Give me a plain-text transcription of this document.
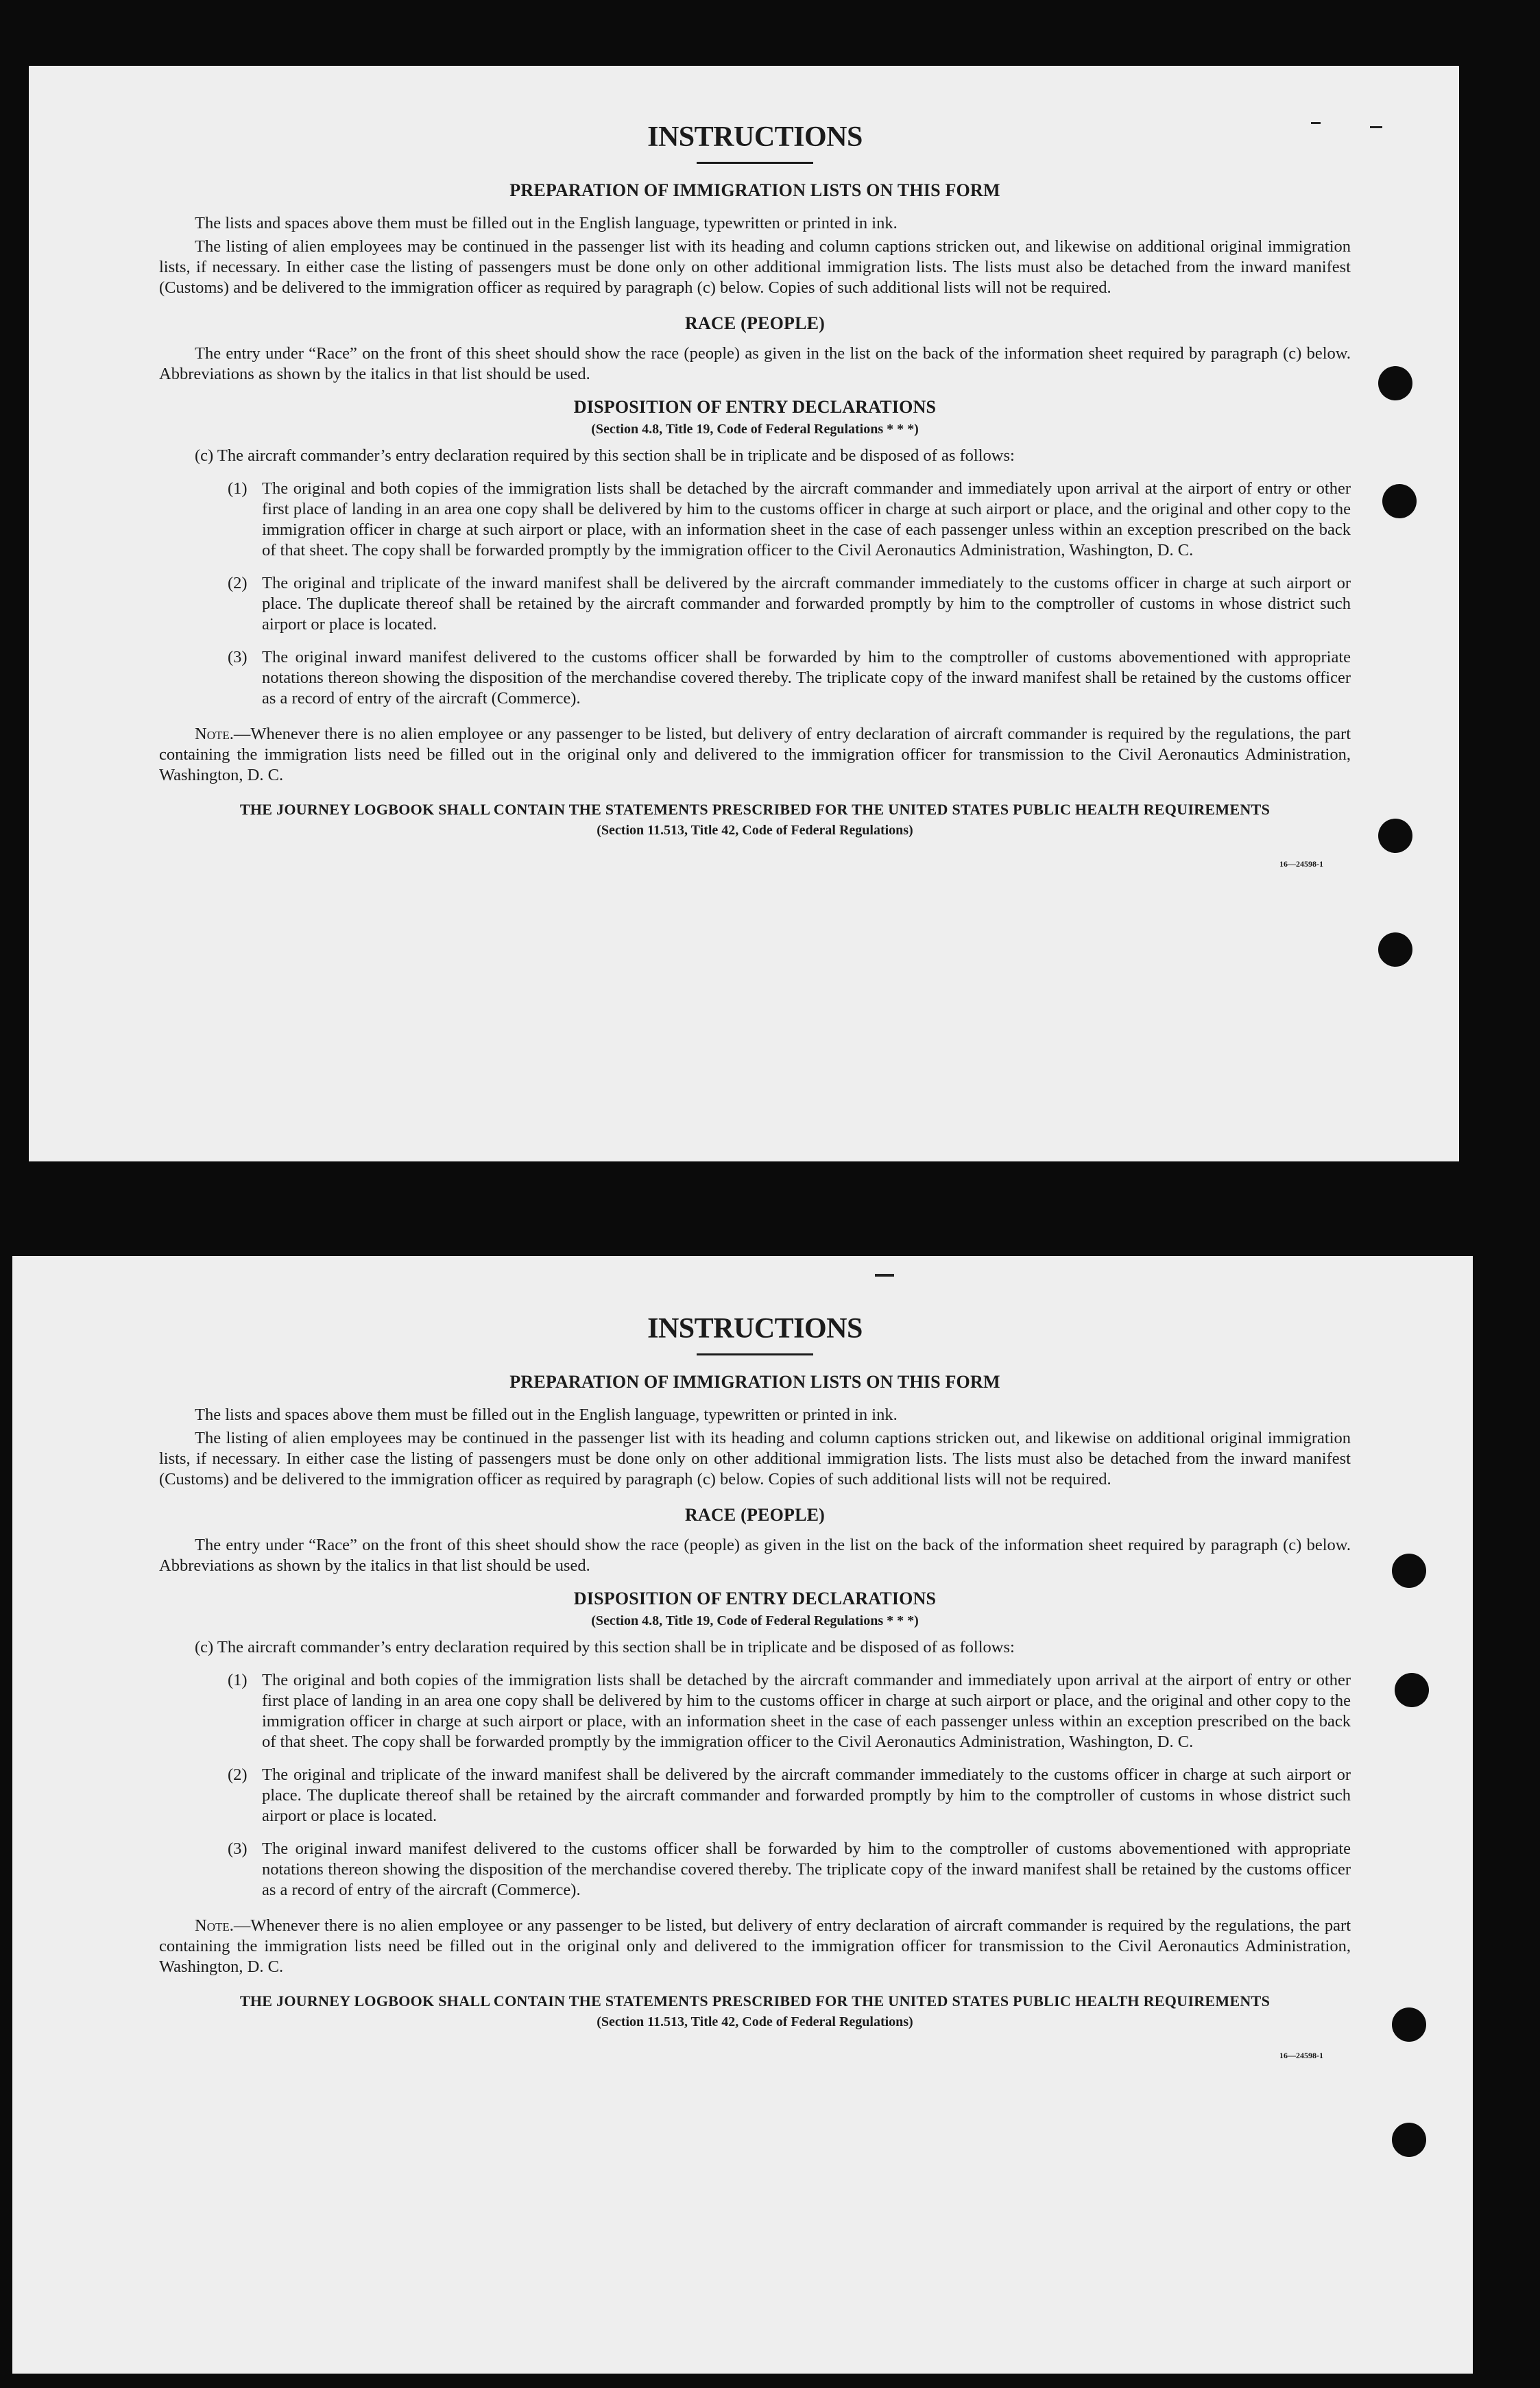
INSTRUCTIONS
PREPARATION OF IMMIGRATION LISTS ON THIS FORM

The lists and spaces above them must be filled out in the English language, typewritten or printed in ink.

The listing of alien employees may be continued in the passenger list with its heading and column captions stricken out, and likewise on additional original immigration lists, if necessary. In either case the listing of passengers must be done only on other additional immigration lists. The lists must also be detached from the inward manifest (Customs) and be delivered to the immigration officer as required by paragraph (c) below. Copies of such additional lists will not be required.

RACE (PEOPLE)

The entry under “Race” on the front of this sheet should show the race (people) as given in the list on the back of the information sheet required by paragraph (c) below. Abbreviations as shown by the italics in that list should be used.

DISPOSITION OF ENTRY DECLARATIONS

(Section 4.8, Title 19, Code of Federal Regulations * * *)

(c) The aircraft commander’s entry declaration required by this section shall be in triplicate and be disposed of as follows:

(1) The original and both copies of the immigration lists shall be detached by the aircraft commander and immediately upon arrival at the airport of entry or other first place of landing in an area one copy shall be delivered by him to the customs officer in charge at such airport or place, and the original and other copy to the immigration officer in charge at such airport or place, with an information sheet in the case of each passenger unless within an exception prescribed on the back of that sheet. The copy shall be forwarded promptly by the immigration officer to the Civil Aeronautics Administration, Washington, D. C.
(2) The original and triplicate of the inward manifest shall be delivered by the aircraft commander immediately to the customs officer in charge at such airport or place. The duplicate thereof shall be retained by the aircraft commander and forwarded promptly by him to the comptroller of customs in whose district such airport or place is located.
(3) The original inward manifest delivered to the customs officer shall be forwarded by him to the comptroller of customs abovementioned with appropriate notations thereon showing the disposition of the merchandise covered thereby. The triplicate copy of the inward manifest shall be retained by the customs officer as a record of entry of the aircraft (Commerce).

Note.—Whenever there is no alien employee or any passenger to be listed, but delivery of entry declaration of aircraft commander is required by the regulations, the part containing the immigration lists need be filled out in the original only and delivered to the immigration officer for transmission to the Civil Aeronautics Administration, Washington, D. C.

THE JOURNEY LOGBOOK SHALL CONTAIN THE STATEMENTS PRESCRIBED FOR THE UNITED STATES PUBLIC HEALTH REQUIREMENTS

(Section 11.513, Title 42, Code of Federal Regulations)

16—24598-1
INSTRUCTIONS
PREPARATION OF IMMIGRATION LISTS ON THIS FORM

The lists and spaces above them must be filled out in the English language, typewritten or printed in ink.

The listing of alien employees may be continued in the passenger list with its heading and column captions stricken out, and likewise on additional original immigration lists, if necessary. In either case the listing of passengers must be done only on other additional immigration lists. The lists must also be detached from the inward manifest (Customs) and be delivered to the immigration officer as required by paragraph (c) below. Copies of such additional lists will not be required.

RACE (PEOPLE)

The entry under “Race” on the front of this sheet should show the race (people) as given in the list on the back of the information sheet required by paragraph (c) below. Abbreviations as shown by the italics in that list should be used.

DISPOSITION OF ENTRY DECLARATIONS

(Section 4.8, Title 19, Code of Federal Regulations * * *)

(c) The aircraft commander’s entry declaration required by this section shall be in triplicate and be disposed of as follows:

(1) The original and both copies of the immigration lists shall be detached by the aircraft commander and immediately upon arrival at the airport of entry or other first place of landing in an area one copy shall be delivered by him to the customs officer in charge at such airport or place, and the original and other copy to the immigration officer in charge at such airport or place, with an information sheet in the case of each passenger unless within an exception prescribed on the back of that sheet. The copy shall be forwarded promptly by the immigration officer to the Civil Aeronautics Administration, Washington, D. C.
(2) The original and triplicate of the inward manifest shall be delivered by the aircraft commander immediately to the customs officer in charge at such airport or place. The duplicate thereof shall be retained by the aircraft commander and forwarded promptly by him to the comptroller of customs in whose district such airport or place is located.
(3) The original inward manifest delivered to the customs officer shall be forwarded by him to the comptroller of customs abovementioned with appropriate notations thereon showing the disposition of the merchandise covered thereby. The triplicate copy of the inward manifest shall be retained by the customs officer as a record of entry of the aircraft (Commerce).

Note.—Whenever there is no alien employee or any passenger to be listed, but delivery of entry declaration of aircraft commander is required by the regulations, the part containing the immigration lists need be filled out in the original only and delivered to the immigration officer for transmission to the Civil Aeronautics Administration, Washington, D. C.

THE JOURNEY LOGBOOK SHALL CONTAIN THE STATEMENTS PRESCRIBED FOR THE UNITED STATES PUBLIC HEALTH REQUIREMENTS

(Section 11.513, Title 42, Code of Federal Regulations)

16—24598-1
